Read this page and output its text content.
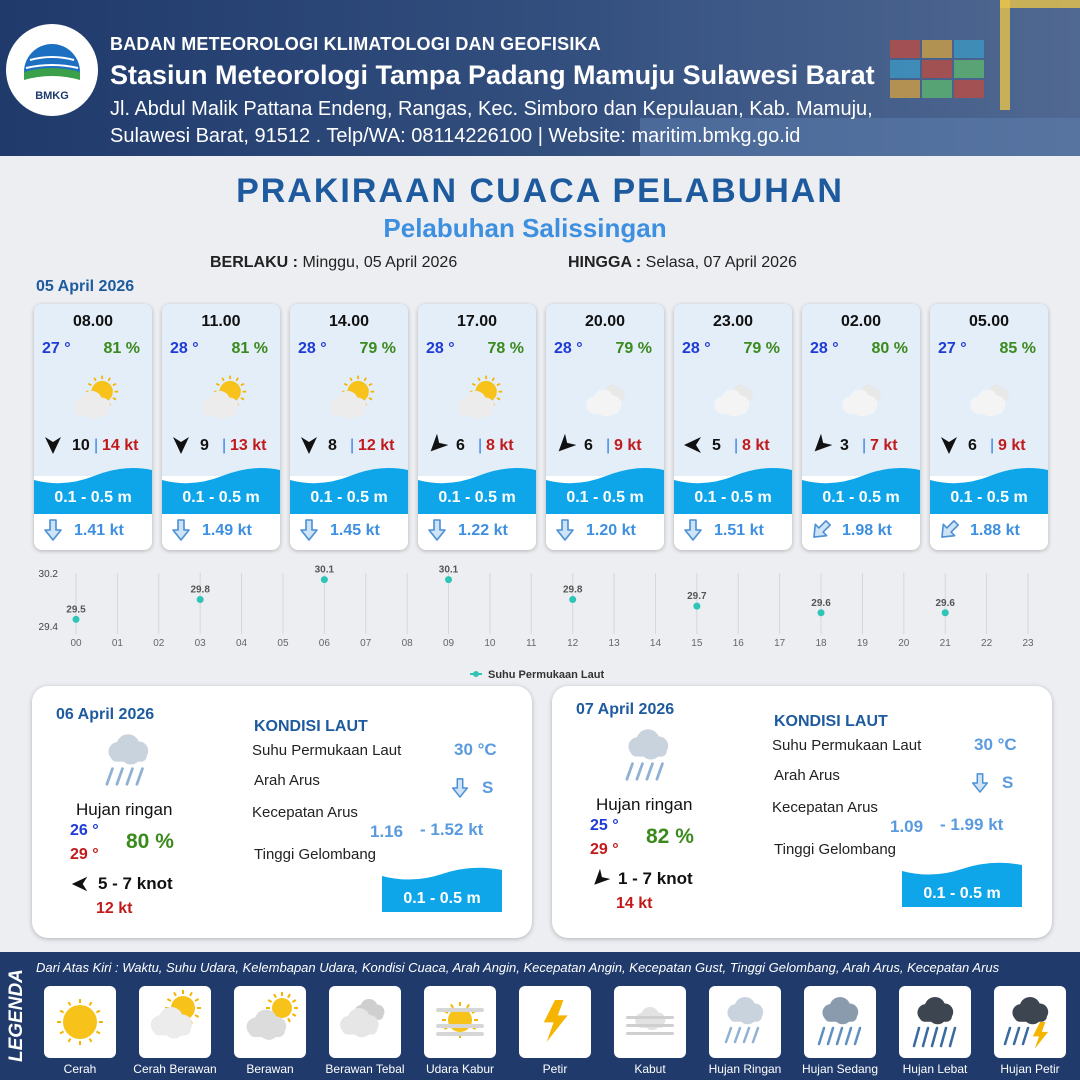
BMKG
BADAN METEOROLOGI KLIMATOLOGI DAN GEOFISIKA
Stasiun Meteorologi Tampa Padang Mamuju Sulawesi Barat
Jl. Abdul Malik Pattana Endeng, Rangas, Kec. Simboro dan Kepulauan, Kab. Mamuju,
Sulawesi Barat, 91512 . Telp/WA: 08114226100 | Website: maritim.bmkg.go.id
PRAKIRAAN CUACA PELABUHAN
Pelabuhan Salissingan
BERLAKU : Minggu, 05 April 2026	HINGGA : Selasa, 07 April 2026
05 April 2026
08.00
27 ° 81 %
10 | 14 kt
0.1 - 0.5 m
1.41 kt
11.00
28 ° 81 %
9 | 13 kt
0.1 - 0.5 m
1.49 kt
14.00
28 ° 79 %
8 | 12 kt
0.1 - 0.5 m
1.45 kt
17.00
28 ° 78 %
6 | 8 kt
0.1 - 0.5 m
1.22 kt
20.00
28 ° 79 %
6 | 9 kt
0.1 - 0.5 m
1.20 kt
23.00
28 ° 79 %
5 | 8 kt
0.1 - 0.5 m
1.51 kt
02.00
28 ° 80 %
3 | 7 kt
0.1 - 0.5 m
1.98 kt
05.00
27 ° 85 %
6 | 9 kt
0.1 - 0.5 m
1.88 kt
00	01	02	03	04	05	06	07	08	09	10	11	12	13	14	15	16	17	18	19	20	21	22	23
30.2
29.4
29.5
29.8
30.1	30.1
29.8
29.7
29.6	29.6
Suhu Permukaan Laut
06 April 2026
Hujan ringan
26 °
29 °
80 %
5 - 7 knot
12 kt
KONDISI LAUT
Suhu Permukaan Laut	30 °C
Arah Arus	S
Kecepatan Arus
1.16 - 1.52 kt
Tinggi Gelombang
0.1 - 0.5 m
07 April 2026
Hujan ringan
25 °
29 °
82 %
1 - 7 knot
14 kt
KONDISI LAUT
Suhu Permukaan Laut	30 °C
Arah Arus	S
Kecepatan Arus
1.09 - 1.99 kt
Tinggi Gelombang
0.1 - 0.5 m
LEGENDA
Dari Atas Kiri : Waktu, Suhu Udara, Kelembapan Udara, Kondisi Cuaca, Arah Angin, Kecepatan Angin, Kecepatan Gust, Tinggi Gelombang, Arah Arus, Kecepatan Arus
Cerah	Cerah Berawan	Berawan	Berawan Tebal	Udara Kabur	Petir	Kabut	Hujan Ringan	Hujan Sedang	Hujan Lebat	Hujan Petir
